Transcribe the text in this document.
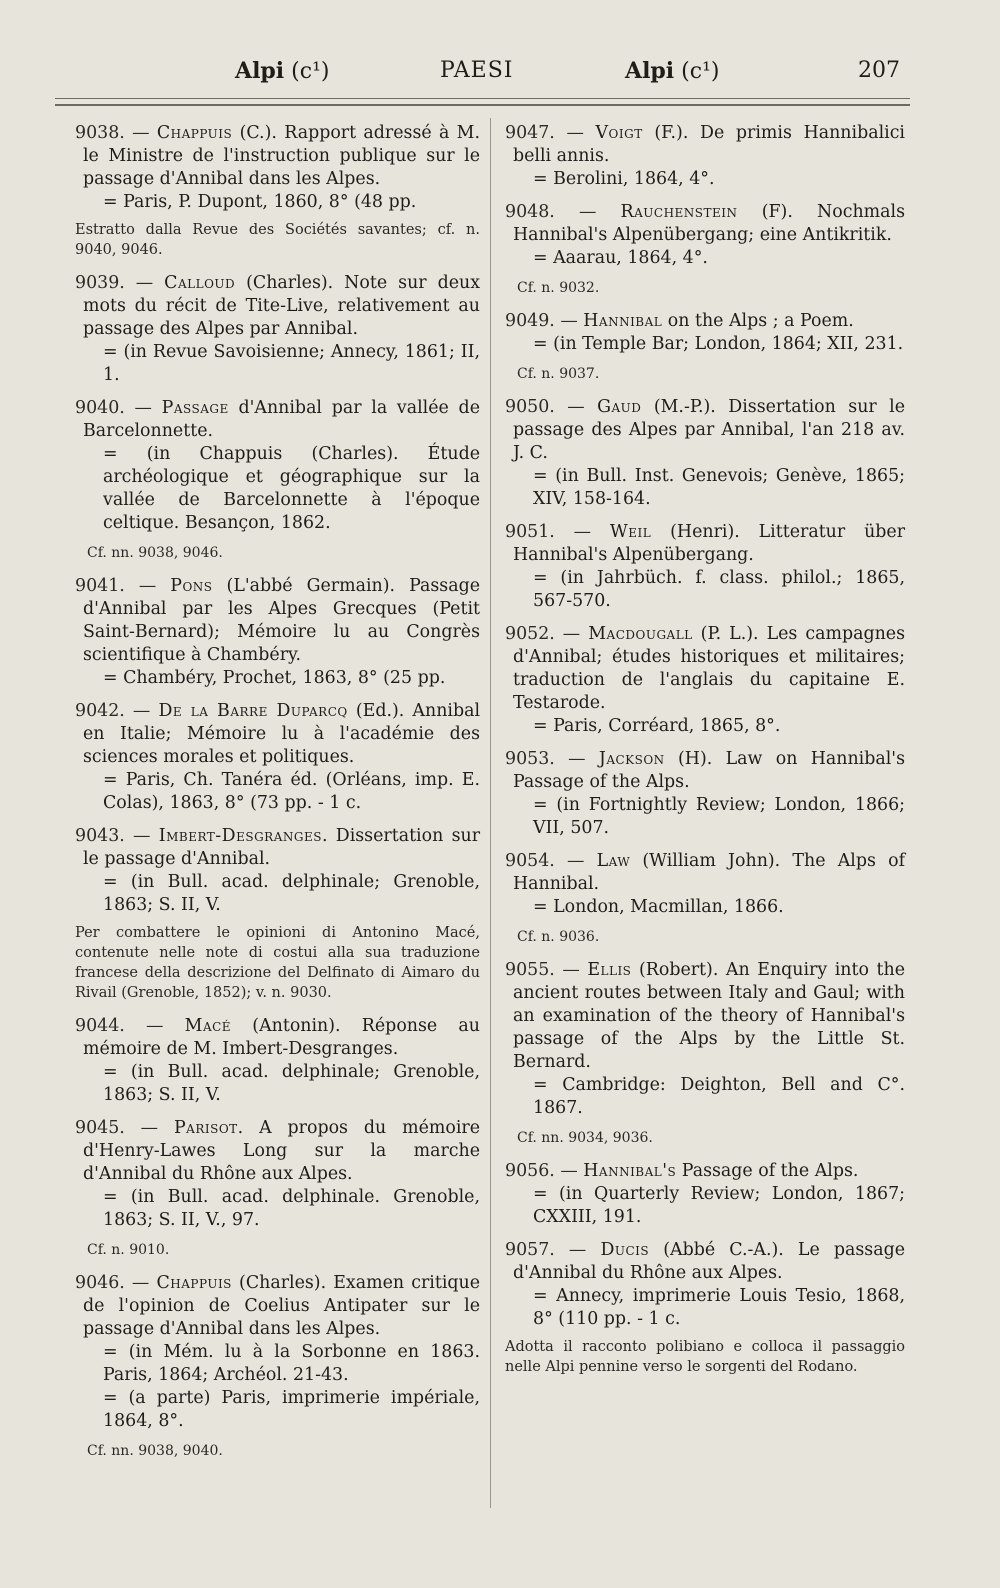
Alpi (c¹)	PAESI	Alpi (c¹)	207
9038. — Chappuis (C.). Rapport adressé à M. le Ministre de l'instruction publique sur le passage d'Annibal dans les Alpes.
= Paris, P. Dupont, 1860, 8° (48 pp.
Estratto dalla Revue des Sociétés savantes; cf. n. 9040, 9046.
9039. — Calloud (Charles). Note sur deux mots du récit de Tite-Live, relativement au passage des Alpes par Annibal.
= (in Revue Savoisienne; Annecy, 1861; II, 1.
9040. — Passage d'Annibal par la vallée de Barcelonnette.
= (in Chappuis (Charles). Étude archéologique et géographique sur la vallée de Barcelonnette à l'époque celtique. Besançon, 1862.
Cf. nn. 9038, 9046.
9041. — Pons (L'abbé Germain). Passage d'Annibal par les Alpes Grecques (Petit Saint-Bernard); Mémoire lu au Congrès scientifique à Chambéry.
= Chambéry, Prochet, 1863, 8° (25 pp.
9042. — De la Barre Duparcq (Ed.). Annibal en Italie; Mémoire lu à l'académie des sciences morales et politiques.
= Paris, Ch. Tanéra éd. (Orléans, imp. E. Colas), 1863, 8° (73 pp. - 1 c.
9043. — Imbert-Desgranges. Dissertation sur le passage d'Annibal.
= (in Bull. acad. delphinale; Grenoble, 1863; S. II, V.
Per combattere le opinioni di Antonino Macé, contenute nelle note di costui alla sua traduzione francese della descrizione del Delfinato di Aimaro du Rivail (Grenoble, 1852); v. n. 9030.
9044. — Macé (Antonin). Réponse au mémoire de M. Imbert-Desgranges.
= (in Bull. acad. delphinale; Grenoble, 1863; S. II, V.
9045. — Parisot. A propos du mémoire d'Henry-Lawes Long sur la marche d'Annibal du Rhône aux Alpes.
= (in Bull. acad. delphinale. Grenoble, 1863; S. II, V., 97.
Cf. n. 9010.
9046. — Chappuis (Charles). Examen critique de l'opinion de Coelius Antipater sur le passage d'Annibal dans les Alpes.
= (in Mém. lu à la Sorbonne en 1863. Paris, 1864; Archéol. 21-43.
= (a parte) Paris, imprimerie impériale, 1864, 8°.
Cf. nn. 9038, 9040.
9047. — Voigt (F.). De primis Hannibalici belli annis.
= Berolini, 1864, 4°.
9048. — Rauchenstein (F). Nochmals Hannibal's Alpenübergang; eine Antikritik.
= Aaarau, 1864, 4°.
Cf. n. 9032.
9049. — Hannibal on the Alps ; a Poem.
= (in Temple Bar; London, 1864; XII, 231.
Cf. n. 9037.
9050. — Gaud (M.-P.). Dissertation sur le passage des Alpes par Annibal, l'an 218 av. J. C.
= (in Bull. Inst. Genevois; Genève, 1865; XIV, 158-164.
9051. — Weil (Henri). Litteratur über Hannibal's Alpenübergang.
= (in Jahrbüch. f. class. philol.; 1865, 567-570.
9052. — Macdougall (P. L.). Les campagnes d'Annibal; études historiques et militaires; traduction de l'anglais du capitaine E. Testarode.
= Paris, Corréard, 1865, 8°.
9053. — Jackson (H). Law on Hannibal's Passage of the Alps.
= (in Fortnightly Review; London, 1866; VII, 507.
9054. — Law (William John). The Alps of Hannibal.
= London, Macmillan, 1866.
Cf. n. 9036.
9055. — Ellis (Robert). An Enquiry into the ancient routes between Italy and Gaul; with an examination of the theory of Hannibal's passage of the Alps by the Little St. Bernard.
= Cambridge: Deighton, Bell and C°. 1867.
Cf. nn. 9034, 9036.
9056. — Hannibal's Passage of the Alps.
= (in Quarterly Review; London, 1867; CXXIII, 191.
9057. — Ducis (Abbé C.-A.). Le passage d'Annibal du Rhône aux Alpes.
= Annecy, imprimerie Louis Tesio, 1868, 8° (110 pp. - 1 c.
Adotta il racconto polibiano e colloca il passaggio nelle Alpi pennine verso le sorgenti del Rodano.
